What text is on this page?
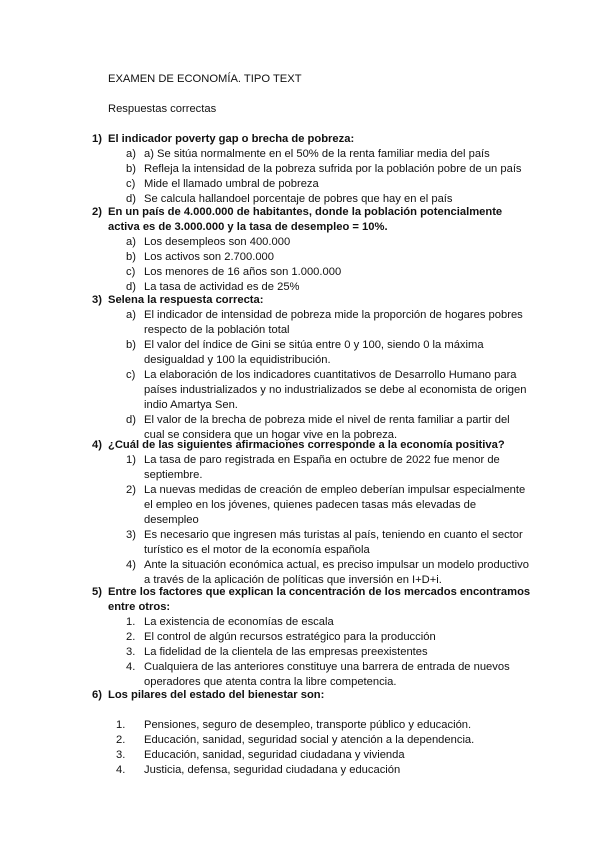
EXAMEN DE ECONOMÍA. TIPO TEXT
Respuestas correctas
1) El indicador poverty gap o brecha de pobreza:
a) a) Se sitúa normalmente en el 50% de la renta familiar media del país
b) Refleja la intensidad de la pobreza sufrida por la población pobre de un país
c) Mide el llamado umbral de pobreza
d) Se calcula hallandoel porcentaje de pobres que hay en el país
2) En un país de 4.000.000 de habitantes, donde la población potencialmente activa es de 3.000.000 y la tasa de desempleo = 10%.
a) Los desempleos son 400.000
b) Los activos son 2.700.000
c) Los menores de 16 años son 1.000.000
d) La tasa de actividad es de 25%
3) Selena la respuesta correcta:
a) El indicador de intensidad de pobreza mide la proporción de hogares pobres respecto de la población total
b) El valor del índice de Gini se sitúa entre 0 y 100, siendo 0 la máxima desigualdad y 100 la equidistribución.
c) La elaboración de los indicadores cuantitativos de Desarrollo Humano para países industrializados y no industrializados se debe al economista de origen indio Amartya Sen.
d) El valor de la brecha de pobreza mide el nivel de renta familiar a partir del cual se considera que un hogar vive en la pobreza.
4) ¿Cuál de las siguientes afirmaciones corresponde a la economía positiva?
1) La tasa de paro registrada en España en octubre de 2022 fue menor de septiembre.
2) La nuevas medidas de creación de empleo deberían impulsar especialmente el empleo en los jóvenes, quienes padecen tasas más elevadas de desempleo
3) Es necesario que ingresen más turistas al país, teniendo en cuanto el sector turístico es el motor de la economía española
4) Ante la situación económica actual, es preciso impulsar un modelo productivo a través de la aplicación de políticas que inversión en I+D+i.
5) Entre los factores que explican la concentración de los mercados encontramos entre otros:
1. La existencia de economías de escala
2. El control de algún recursos estratégico para la producción
3. La fidelidad de la clientela de las empresas preexistentes
4. Cualquiera de las anteriores constituye una barrera de entrada de nuevos operadores que atenta contra la libre competencia.
6) Los pilares del estado del bienestar son:
1. Pensiones, seguro de desempleo, transporte público y educación.
2. Educación, sanidad, seguridad social y atención a la dependencia.
3. Educación, sanidad, seguridad ciudadana y vivienda
4. Justicia, defensa, seguridad ciudadana y educación
